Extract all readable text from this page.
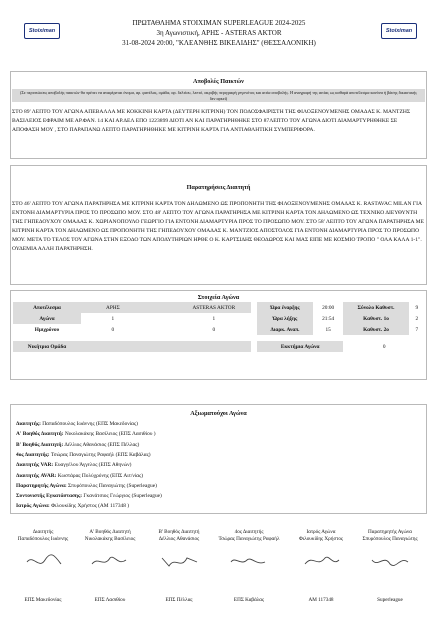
Stoiximan	Stoiximan
ΠΡΩΤΑΘΛΗΜΑ STOIXIMAN SUPERLEAGUE 2024-2025
3η Αγωνιστική, ΑΡΗΣ - ASTERAS AKTOR
31-08-2024 20:00, "ΚΛΕΑΝΘΗΣ ΒΙΚΕΛΙΔΗΣ" (ΘΕΣΣΑΛΟΝΙΚΗ)
Αποβολές Παικτών
(Σε περιπτώσεις αποβολής παικτών θα πρέπει να αναφέρεται όνομα, αρ. φανέλας, ομάδα, αρ. δελτίου, λεπτό, ακριβής περιγραφή γεγονότος και αιτία αποβολής. Η αναγραφή της αιτίας ως καθαρά αποτέλεσμα κανόνα ή βάσης δικαστικής δεν αρκεί)
ΣΤΟ 89' ΛΕΠΤΟ ΤΟΥ ΑΓΩΝΑ ΑΠΕΒΑΛΛΑ ΜΕ ΚΟΚΚΙΝΗ ΚΑΡΤΑ (ΔΕΥΤΕΡΗ ΚΙΤΡΙΝΗ) ΤΟΝ ΠΟΔΟΣΦΑΙΡΙΣΤΗ ΤΗΣ ΦΙΛΟΞΕΝΟΥΜΕΝΗΣ ΟΜΑΔΑΣ Κ. ΜΑΝΤΖΗΣ ΒΑΣΙΛΕΙΟΣ ΕΦΡΑΙΜ ΜΕ ΑΡ.ΦΑΝ. 14 ΚΑΙ ΑΡ.ΔΕΛ ΕΠΟ 1223899 ΔΙΟΤΙ ΑΝ ΚΑΙ ΠΑΡΑΤΗΡΗΘΗΚΕ ΣΤΟ 87ΛΕΠΤΟ ΤΟΥ ΑΓΩΝΑ ΔΙΟΤΙ ΔΙΑΜΑΡΤΥΡΗΘΗΚΕ ΣΕ ΑΠΟΦΑΣΗ ΜΟΥ , ΣΤΟ ΠΑΡΑΠΑΝΩ ΛΕΠΤΟ ΠΑΡΑΤΗΡΗΘΗΚΕ ΜΕ ΚΙΤΡΙΝΗ ΚΑΡΤΑ ΓΙΑ ΑΝΤΙΑΘΛΗΤΙΚΗ ΣΥΜΠΕΡΙΦΟΡΑ.
Παρατηρήσεις Διαιτητή
ΣΤΟ 46' ΛΕΠΤΟ ΤΟΥ ΑΓΩΝΑ ΠΑΡΑΤΗΡΗΣΑ ΜΕ ΚΙΤΡΙΝΗ ΚΑΡΤΑ ΤΟΝ ΔΗΛΩΜΕΝΟ ΩΣ ΠΡΟΠΟΝΗΤΗ ΤΗΣ ΦΙΛΟΞΕΝΟΥΜΕΝΗΣ ΟΜΑΔΑΣ Κ. RASTAVAC MILAN ΓΙΑ ΕΝΤΟΝΗ ΔΙΑΜΑΡΤΥΡΙΑ ΠΡΟΣ ΤΟ ΠΡΟΣΩΠΟ ΜΟΥ. ΣΤΟ 48' ΛΕΠΤΟ ΤΟΥ ΑΓΩΝΑ ΠΑΡΑΤΗΡΗΣΑ ΜΕ ΚΙΤΡΙΝΗ ΚΑΡΤΑ ΤΟΝ ΔΗΛΩΜΕΝΟ ΩΣ ΤΕΧΝΙΚΟ ΔΙΕΥΘΥΝΤΗ ΤΗΣ ΓΗΠΕΔΟΥΧΟΥ ΟΜΑΔΑΣ Κ. ΧΩΡΙΑΝΟΠΟΥΛΟ ΓΕΩΡΓΙΟ ΓΙΑ ΕΝΤΟΝΗ ΔΙΑΜΑΡΤΥΡΙΑ ΠΡΟΣ ΤΟ ΠΡΟΣΩΠΟ ΜΟΥ. ΣΤΟ 58' ΛΕΠΤΟ ΤΟΥ ΑΓΩΝΑ ΠΑΡΑΤΗΡΗΣΑ ΜΕ ΚΙΤΡΙΝΗ ΚΑΡΤΑ ΤΟΝ ΔΗΛΩΜΕΝΟ ΩΣ ΠΡΟΠΟΝΗΤΗ ΤΗΣ ΓΗΠΕΔΟΥΧΟΥ ΟΜΑΔΑΣ Κ. ΜΑΝΤΖΙΟΣ ΑΠΟΣΤΟΛΟΣ ΓΙΑ ΕΝΤΟΝΗ ΔΙΑΜΑΡΤΥΡΙΑ ΠΡΟΣ ΤΟ ΠΡΟΣΩΠΟ ΜΟΥ. ΜΕΤΑ ΤΟ ΤΕΛΟΣ ΤΟΥ ΑΓΩΝΑ ΣΤΗΝ ΕΞΟΔΟ ΤΩΝ ΑΠΟΔΥΤΗΡΙΩΝ ΗΡΘΕ Ο Κ. ΚΑΡΤΣΙΔΗΣ ΘΕΟΔΩΡΟΣ ΚΑΙ ΜΑΣ ΕΙΠΕ ΜΕ ΚΟΣΜΙΟ ΤΡΟΠΟ " ΟΛΑ ΚΑΛΑ 1-1". ΟΥΔΕΜΙΑ ΑΛΛΗ ΠΑΡΑΤΗΡΗΣΗ.
Στοιχεία Αγώνα
Αποτέλεσμα	ΑΡΗΣ		ASTERAS AKTOR
Αγώνα	1		1
Ημιχρόνου	0		0

Νικήτρια Ομάδα			
Ώρα έναρξης	20:00	Σύνολο Καθυστ.	9
Ώρα λήξης	21:54	Καθυστ. 1ο	2
Διαρκ. Αναπ.	15	Καθυστ. 2ο	7

Εκκτήμια Αγώνα		0	
Αξιωματούχοι Αγώνα
Διαιτητής: Παπαδόπουλος Ιωάννης (ΕΠΣ Μακεδονίας)
Α' Βοηθός Διαιτητή: Νικολακάκης Βασίλειος (ΕΠΣ Λασιθίου )
Β' Βοηθός Διαιτητή: Δέλλιος Αθανάσιος (ΕΠΣ Πέλλας)
4ος Διαιτητής: Τσώρας Παναγιώτης Ραφαήλ (ΕΠΣ Καβάλας)
Διαιτητής VAR: Ευαγγέλου Άγγελος (ΕΠΣ Αθηνών)
Διαιτητής AVAR: Κωστάρας Πολύχρόνης (ΕΠΣ Αιτ/νίας)
Παρατηρητής Αγώνα: Σπυρόπουλος Παναγιώτης (Superleague)
Συντονιστής Εγκατάστασης: Γκανάτσιος Γεώργιος (Superleague)
Ιατρός Αγώνα: Φιλουκίδης Χρήστος (ΑΜ 117348 )
Διαιτητής
Παπαδόπουλος Ιωάννης
ΕΠΣ Μακεδονίας
Α' Βοηθός Διαιτητή
Νικολακάκης Βασίλειος
ΕΠΣ Λασιθίου
Β' Βοηθός Διαιτητή
Δέλλιος Αθανάσιος
ΕΠΣ Πέλλας
4ος Διαιτητής
Τσώρας Παναγιώτης Ραφαήλ
ΕΠΣ Καβάλας
Ιατρός Αγώνα
Φιλουκίδης Χρήστος
AM 117348
Παρατηρητής Αγώνα
Σπυρόπουλος Παναγιώτης
Superleague
